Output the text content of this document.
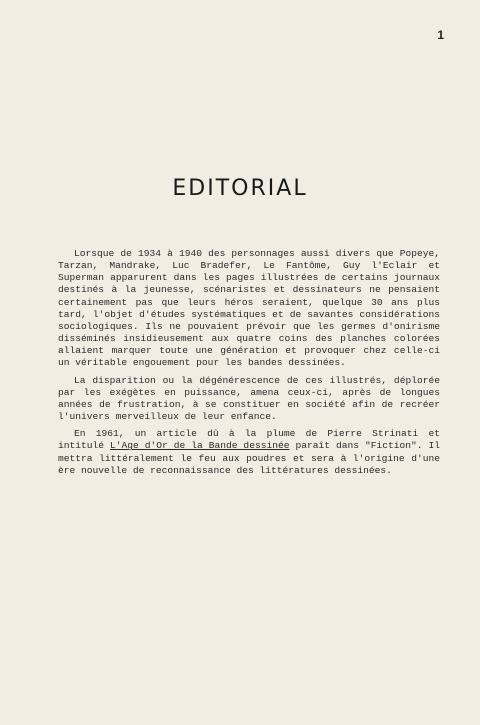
1
EDITORIAL

Lorsque de 1934 à 1940 des personnages aussi divers que Popeye, Tarzan, Mandrake, Luc Bradefer, Le Fantôme, Guy l'Eclair et Superman apparurent dans les pages illustrées de certains journaux destinés à la jeunesse, scénaristes et dessinateurs ne pensaient certainement pas que leurs héros seraient, quelque 30 ans plus tard, l'objet d'études systématiques et de savantes considérations sociologiques. Ils ne pouvaient prévoir que les germes d'onirisme disséminés insidieusement aux quatre coins des planches colorées allaient marquer toute une génération et provoquer chez celle-ci un véritable engouement pour les bandes dessinées.

La disparition ou la dégénérescence de ces illustrés, déplorée par les exégètes en puissance, amena ceux-ci, après de longues années de frustration, à se constituer en société afin de recréer l'univers merveilleux de leur enfance.

En 1961, un article dû à la plume de Pierre Strinati et intitulé L'Age d'Or de la Bande dessinée paraît dans "Fiction". Il mettra littéralement le feu aux poudres et sera à l'origine d'une ère nouvelle de reconnaissance des littératures dessinées.
